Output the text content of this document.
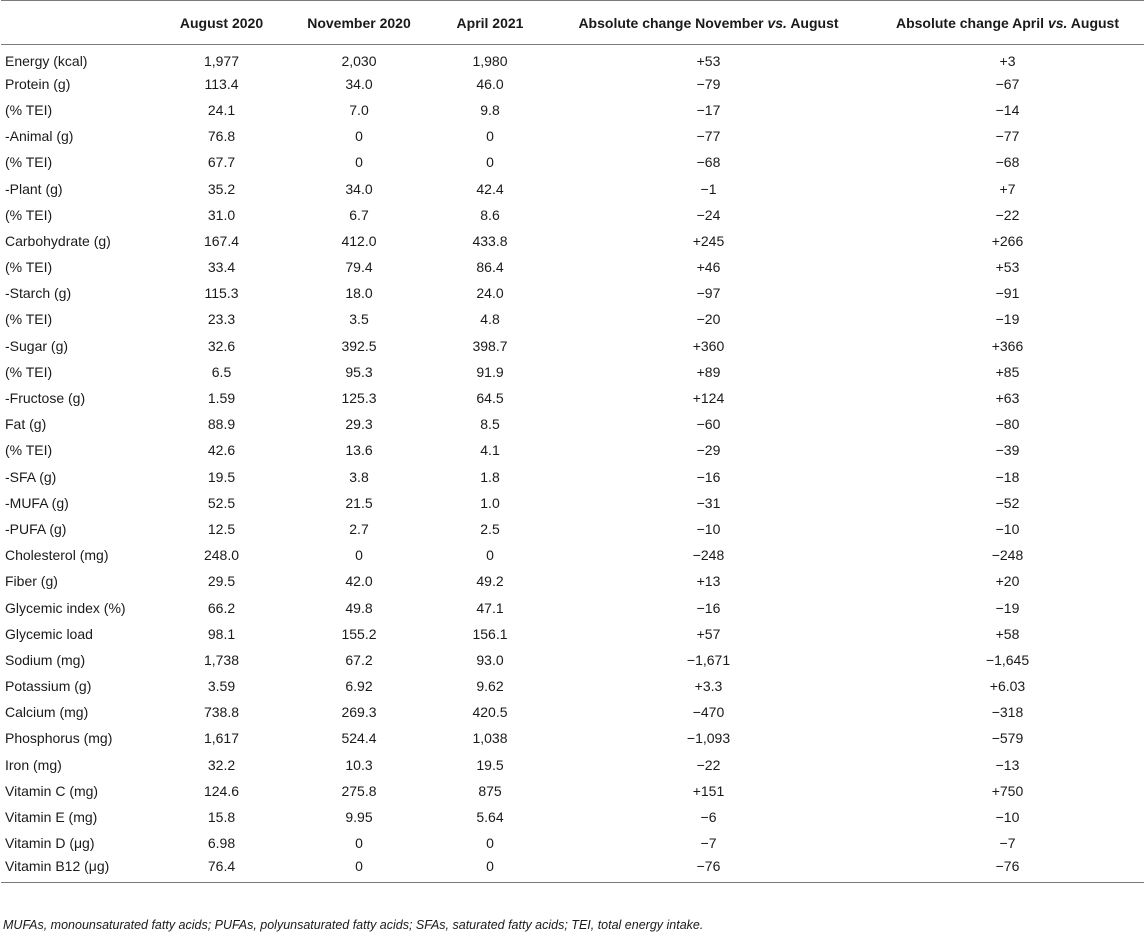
	August 2020	November 2020	April 2021	Absolute change November vs. August	Absolute change April vs. August
Energy (kcal)	1,977	2,030	1,980	+53	+3
Protein (g)	113.4	34.0	46.0	−79	−67
(% TEI)	24.1	7.0	9.8	−17	−14
-Animal (g)	76.8	0	0	−77	−77
(% TEI)	67.7	0	0	−68	−68
-Plant (g)	35.2	34.0	42.4	−1	+7
(% TEI)	31.0	6.7	8.6	−24	−22
Carbohydrate (g)	167.4	412.0	433.8	+245	+266
(% TEI)	33.4	79.4	86.4	+46	+53
-Starch (g)	115.3	18.0	24.0	−97	−91
(% TEI)	23.3	3.5	4.8	−20	−19
-Sugar (g)	32.6	392.5	398.7	+360	+366
(% TEI)	6.5	95.3	91.9	+89	+85
-Fructose (g)	1.59	125.3	64.5	+124	+63
Fat (g)	88.9	29.3	8.5	−60	−80
(% TEI)	42.6	13.6	4.1	−29	−39
-SFA (g)	19.5	3.8	1.8	−16	−18
-MUFA (g)	52.5	21.5	1.0	−31	−52
-PUFA (g)	12.5	2.7	2.5	−10	−10
Cholesterol (mg)	248.0	0	0	−248	−248
Fiber (g)	29.5	42.0	49.2	+13	+20
Glycemic index (%)	66.2	49.8	47.1	−16	−19
Glycemic load	98.1	155.2	156.1	+57	+58
Sodium (mg)	1,738	67.2	93.0	−1,671	−1,645
Potassium (g)	3.59	6.92	9.62	+3.3	+6.03
Calcium (mg)	738.8	269.3	420.5	−470	−318
Phosphorus (mg)	1,617	524.4	1,038	−1,093	−579
Iron (mg)	32.2	10.3	19.5	−22	−13
Vitamin C (mg)	124.6	275.8	875	+151	+750
Vitamin E (mg)	15.8	9.95	5.64	−6	−10
Vitamin D (μg)	6.98	0	0	−7	−7
Vitamin B12 (μg)	76.4	0	0	−76	−76

MUFAs, monounsaturated fatty acids; PUFAs, polyunsaturated fatty acids; SFAs, saturated fatty acids; TEI, total energy intake.
